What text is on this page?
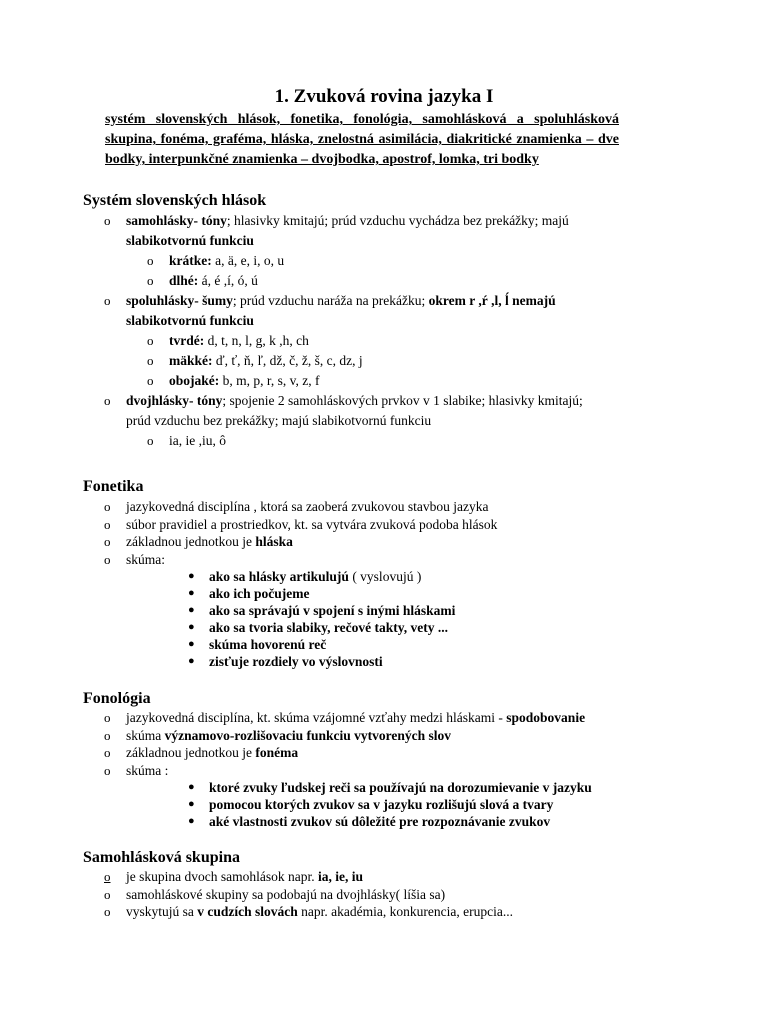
1. Zvuková rovina jazyka I

systém slovenských hlások, fonetika, fonológia, samohlásková a spoluhlásková skupina, fonéma, grafémа, hláska, znelostná asimilácia, diakritické znamienka – dve bodky, interpunkčné znamienka – dvojbodka, apostrof, lomka, tri bodky

Systém slovenských hlások
o samohlásky- tóny; hlasivky kmitajú; prúd vzduchu vychádza bez prekážky; majú
slabikotvornú funkciu
o krátke: a, ä, e, i, o, u
o dlhé: á, é ,í, ó, ú
o spoluhlásky- šumy; prúd vzduchu naráža na prekážku; okrem r ,ŕ ,l, ĺ nemajú
slabikotvornú funkciu
o tvrdé: d, t, n, l, g, k ,h, ch
o mäkké: ď, ť, ň, ľ, dž, č, ž, š, c, dz, j
o obojaké: b, m, p, r, s, v, z, f
o dvojhlásky- tóny; spojenie 2 samohláskových prvkov v 1 slabike; hlasivky kmitajú;
prúd vzduchu bez prekážky; majú slabikotvornú funkciu
o ia, ie ,iu, ô
Fonetika
o jazykovedná disciplína , ktorá sa zaoberá zvukovou stavbou jazyka
o súbor pravidiel a prostriedkov, kt. sa vytvára zvuková podoba hlások
o základnou jednotkou je hláska
o skúma:
● ako sa hlásky artikulujú ( vyslovujú )
● ako ich počujeme
● ako sa správajú v spojení s inými hláskami
● ako sa tvoria slabiky, rečové takty, vety ...
● skúma hovorenú reč
● zisťuje rozdiely vo výslovnosti
Fonológia
o jazykovedná disciplína, kt. skúma vzájomné vzťahy medzi hláskami - spodobovanie
o skúma významovo-rozlišovaciu funkciu vytvorených slov
o základnou jednotkou je fonéma
o skúma :
● ktoré zvuky ľudskej reči sa používajú na dorozumievanie v jazyku
● pomocou ktorých zvukov sa v jazyku rozlišujú slová a tvary
● aké vlastnosti zvukov sú dôležité pre rozpoznávanie zvukov
Samohlásková skupina
o je skupina dvoch samohlások napr. ia, ie, iu
o samohláskové skupiny sa podobajú na dvojhlásky( líšia sa)
o vyskytujú sa v cudzích slovách napr. akadémia, konkurencia, erupcia...
